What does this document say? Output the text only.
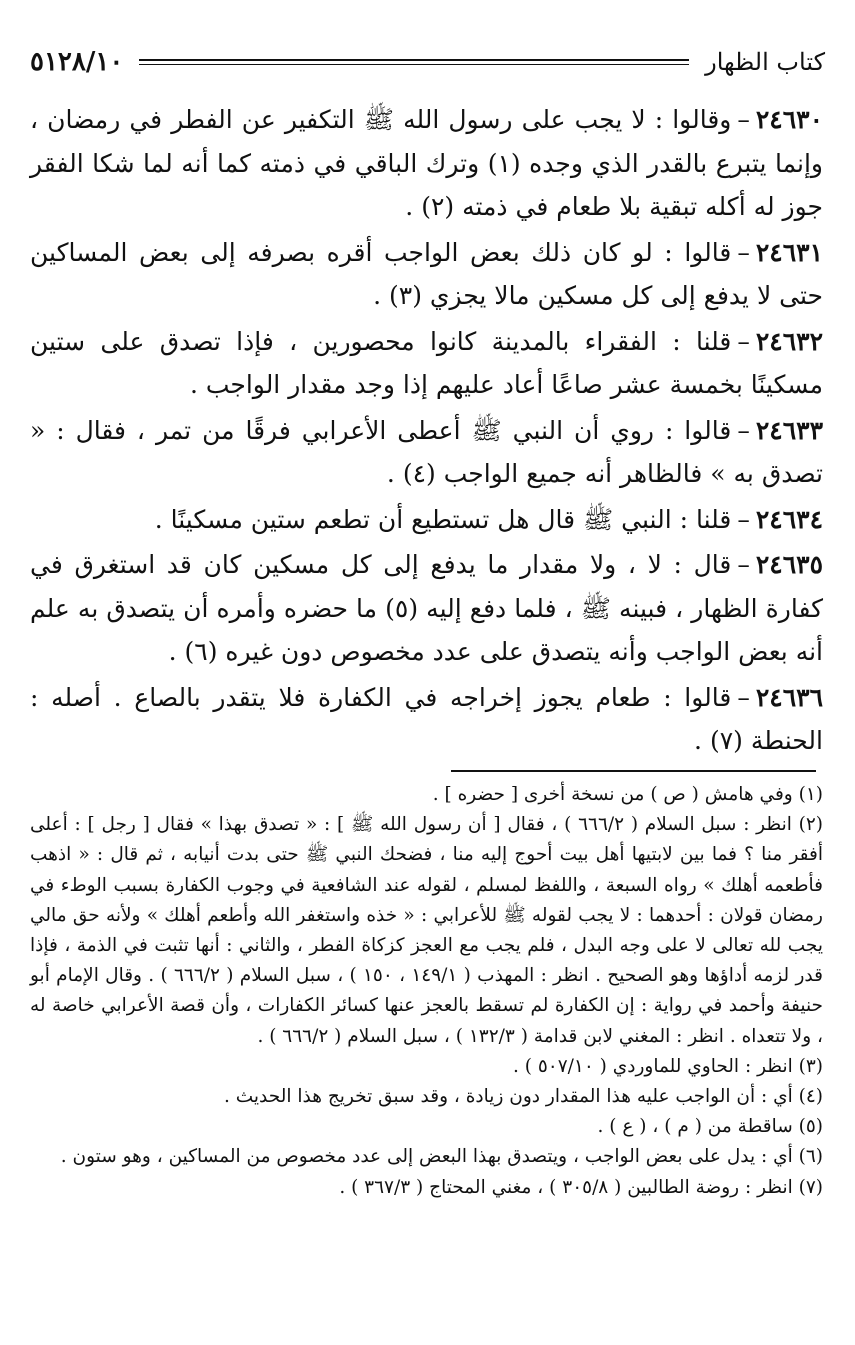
كتاب الظهار
٥١٢٨/١٠

٢٤٦٣٠–وقالوا : لا يجب على رسول الله ﷺ التكفير عن الفطر في رمضان ، وإنما يتبرع بالقدر الذي وجده (١) وترك الباقي في ذمته كما أنه لما شكا الفقر جوز له أكله تبقية بلا طعام في ذمته (٢) .

٢٤٦٣١–قالوا : لو كان ذلك بعض الواجب أقره بصرفه إلى بعض المساكين حتى لا يدفع إلى كل مسكين مالا يجزي (٣) .

٢٤٦٣٢–قلنا : الفقراء بالمدينة كانوا محصورين ، فإذا تصدق على ستين مسكينًا بخمسة عشر صاعًا أعاد عليهم إذا وجد مقدار الواجب .

٢٤٦٣٣–قالوا : روي أن النبي ﷺ أعطى الأعرابي فرقًا من تمر ، فقال : « تصدق به » فالظاهر أنه جميع الواجب (٤) .

٢٤٦٣٤–قلنا : النبي ﷺ قال هل تستطيع أن تطعم ستين مسكينًا .

٢٤٦٣٥–قال : لا ، ولا مقدار ما يدفع إلى كل مسكين كان قد استغرق في كفارة الظهار ، فبينه ﷺ ، فلما دفع إليه (٥) ما حضره وأمره أن يتصدق به علم أنه بعض الواجب وأنه يتصدق على عدد مخصوص دون غيره (٦) .

٢٤٦٣٦–قالوا : طعام يجوز إخراجه في الكفارة فلا يتقدر بالصاع . أصله : الحنطة (٧) .

(١) وفي هامش ( ص ) من نسخة أخرى [ حضره ] .

(٢) انظر : سبل السلام ( ٦٦٦/٢ ) ، فقال [ أن رسول الله ﷺ ] : « تصدق بهذا » فقال [ رجل ] : أعلى أفقر منا ؟ فما بين لابتيها أهل بيت أحوج إليه منا ، فضحك النبي ﷺ حتى بدت أنيابه ، ثم قال : « اذهب فأطعمه أهلك » رواه السبعة ، واللفظ لمسلم ، لقوله عند الشافعية في وجوب الكفارة بسبب الوطء في رمضان قولان : أحدهما : لا يجب لقوله ﷺ للأعرابي : « خذه واستغفر الله وأطعم أهلك » ولأنه حق مالي يجب لله تعالى لا على وجه البدل ، فلم يجب مع العجز كزكاة الفطر ، والثاني : أنها تثبت في الذمة ، فإذا قدر لزمه أداؤها وهو الصحيح . انظر : المهذب ( ١٤٩/١ ، ١٥٠ ) ، سبل السلام ( ٦٦٦/٢ ) . وقال الإمام أبو حنيفة وأحمد في رواية : إن الكفارة لم تسقط بالعجز عنها كسائر الكفارات ، وأن قصة الأعرابي خاصة له ، ولا تتعداه . انظر : المغني لابن قدامة ( ١٣٢/٣ ) ، سبل السلام ( ٦٦٦/٢ ) .

(٣) انظر : الحاوي للماوردي ( ٥٠٧/١٠ ) .

(٤) أي : أن الواجب عليه هذا المقدار دون زيادة ، وقد سبق تخريج هذا الحديث .

(٥) ساقطة من ( م ) ، ( ع ) .

(٦) أي : يدل على بعض الواجب ، ويتصدق بهذا البعض إلى عدد مخصوص من المساكين ، وهو ستون .

(٧) انظر : روضة الطالبين ( ٣٠٥/٨ ) ، مغني المحتاج ( ٣٦٧/٣ ) .
